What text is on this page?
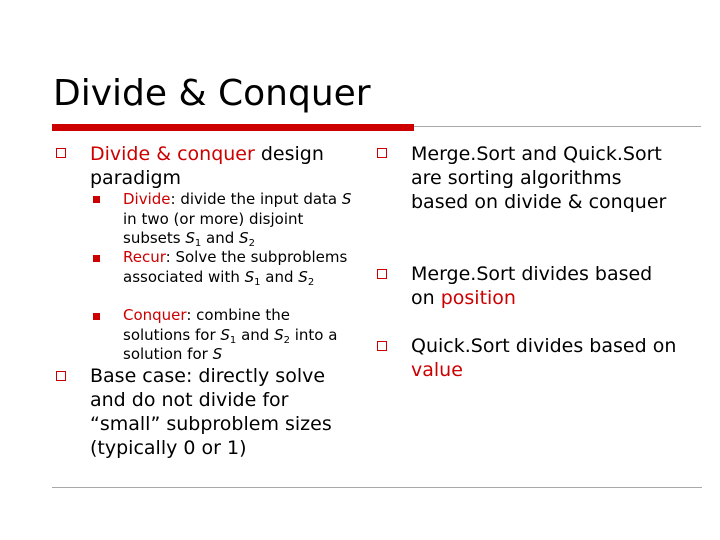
Divide & Conquer
Divide & conquer design paradigm
Divide: divide the input data S in two (or more) disjoint subsets $S_1$ and $S_2$
Recur: Solve the subproblems associated with $S_1$ and $S_2$
Conquer: combine the solutions for $S_1$ and $S_2$ into a solution for S
Base case: directly solve and do not divide for “small” subproblem sizes (typically 0 or 1)
Merge.Sort and Quick.Sort are sorting algorithms based on divide & conquer
Merge.Sort divides based on position
Quick.Sort divides based on value
